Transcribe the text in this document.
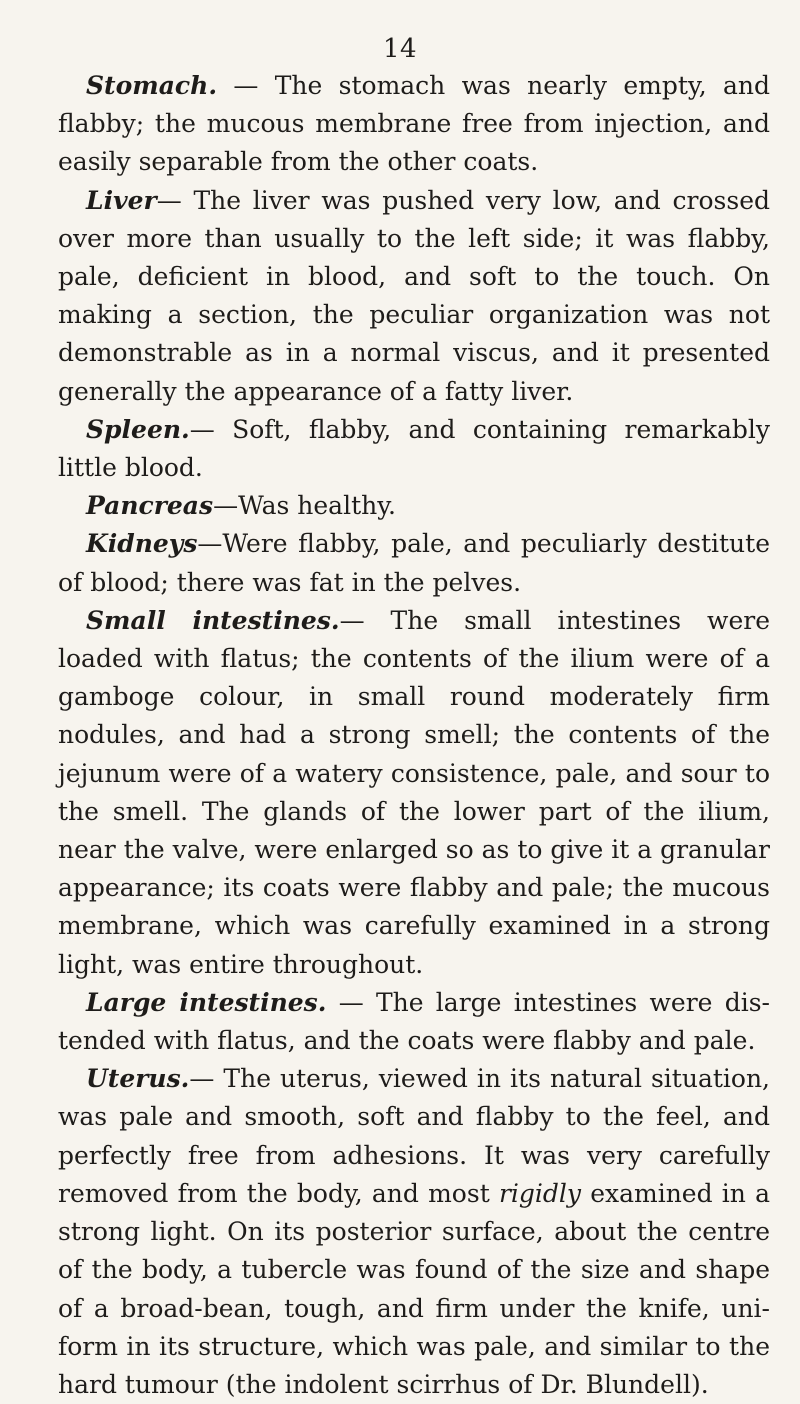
14

Stomach. — The stomach was nearly empty, and flabby; the mucous membrane free from injection, and easily separable from the other coats.

Liver— The liver was pushed very low, and crossed over more than usually to the left side; it was flabby, pale, deficient in blood, and soft to the touch. On making a section, the peculiar organization was not demonstrable as in a normal viscus, and it presented generally the appearance of a fatty liver.

Spleen.— Soft, flabby, and containing remarkably little blood.

Pancreas—Was healthy.

Kidneys—Were flabby, pale, and peculiarly destitute of blood; there was fat in the pelves.

Small intestines.— The small intestines were loaded with flatus; the contents of the ilium were of a gamboge colour, in small round moderately firm nodules, and had a strong smell; the contents of the jejunum were of a watery consistence, pale, and sour to the smell. The glands of the lower part of the ilium, near the valve, were enlarged so as to give it a granular appearance; its coats were flabby and pale; the mucous membrane, which was carefully examined in a strong light, was entire throughout.

Large intestines. — The large intestines were distended with flatus, and the coats were flabby and pale.

Uterus.— The uterus, viewed in its natural situation, was pale and smooth, soft and flabby to the feel, and perfectly free from adhesions. It was very carefully removed from the body, and most rigidly examined in a strong light. On its posterior surface, about the centre of the body, a tubercle was found of the size and shape of a broad-bean, tough, and firm under the knife, uniform in its structure, which was pale, and similar to the hard tumour (the indolent scirrhus of Dr. Blundell).
